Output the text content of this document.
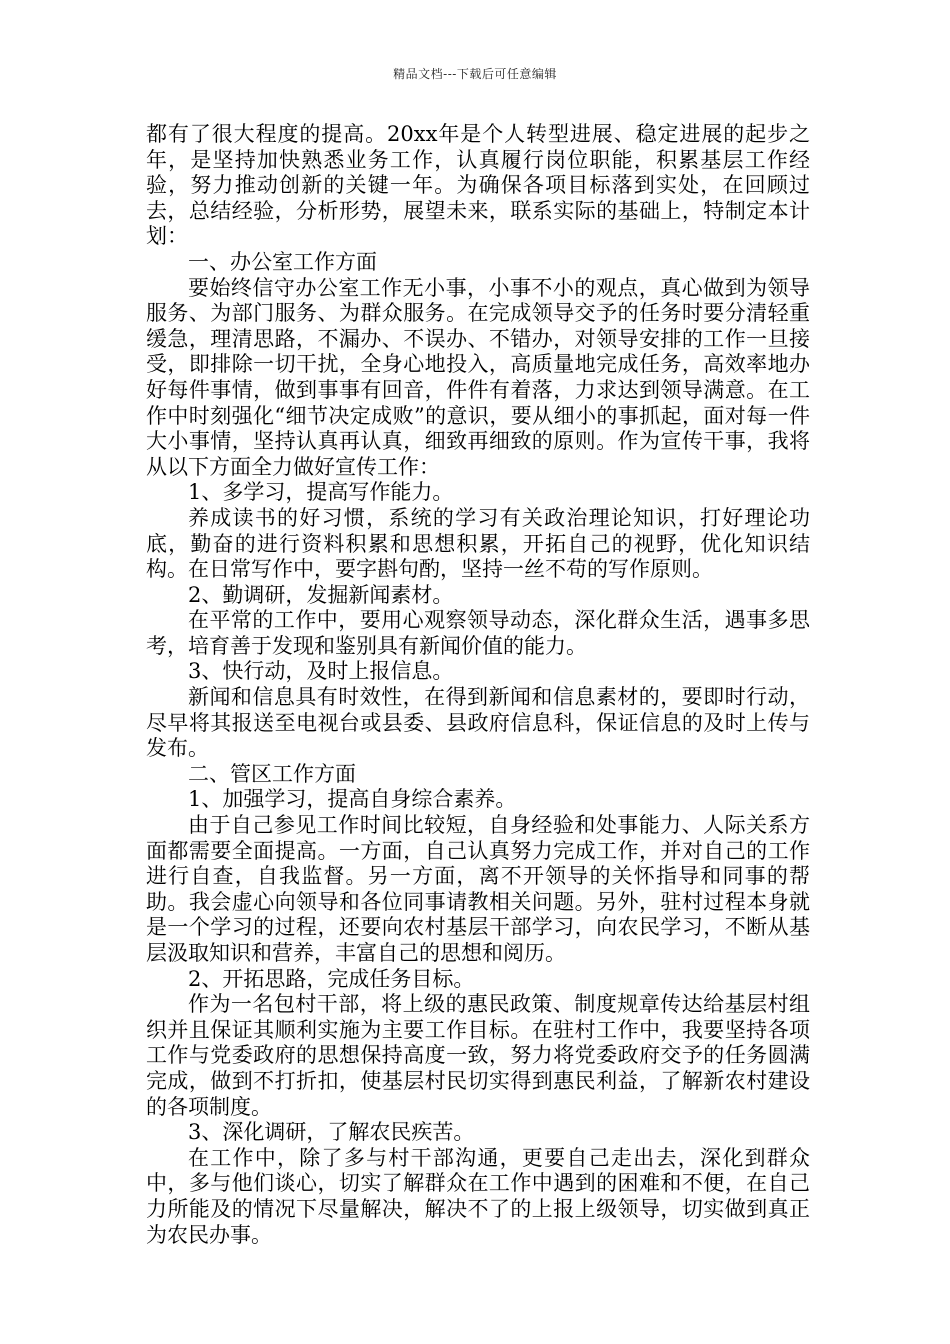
精品文档---下载后可任意编辑

都有了很大程度的提高。20xx年是个人转型进展、稳定进展的起步之年，是坚持加快熟悉业务工作，认真履行岗位职能，积累基层工作经验，努力推动创新的关键一年。为确保各项目标落到实处，在回顾过去，总结经验，分析形势，展望未来，联系实际的基础上，特制定本计划：

一、办公室工作方面

要始终信守办公室工作无小事，小事不小的观点，真心做到为领导服务、为部门服务、为群众服务。在完成领导交予的任务时要分清轻重缓急，理清思路，不漏办、不误办、不错办，对领导安排的工作一旦接受，即排除一切干扰，全身心地投入，高质量地完成任务，高效率地办好每件事情，做到事事有回音，件件有着落，力求达到领导满意。在工作中时刻强化“细节决定成败”的意识，要从细小的事抓起，面对每一件大小事情，坚持认真再认真，细致再细致的原则。作为宣传干事，我将从以下方面全力做好宣传工作：

1、多学习，提高写作能力。

养成读书的好习惯，系统的学习有关政治理论知识，打好理论功底，勤奋的进行资料积累和思想积累，开拓自己的视野，优化知识结构。在日常写作中，要字斟句酌，坚持一丝不苟的写作原则。

2、勤调研，发掘新闻素材。

在平常的工作中，要用心观察领导动态，深化群众生活，遇事多思考，培育善于发现和鉴别具有新闻价值的能力。

3、快行动，及时上报信息。

新闻和信息具有时效性，在得到新闻和信息素材的，要即时行动，尽早将其报送至电视台或县委、县政府信息科，保证信息的及时上传与发布。

二、管区工作方面

1、加强学习，提高自身综合素养。

由于自己参见工作时间比较短，自身经验和处事能力、人际关系方面都需要全面提高。一方面，自己认真努力完成工作，并对自己的工作进行自查，自我监督。另一方面，离不开领导的关怀指导和同事的帮助。我会虚心向领导和各位同事请教相关问题。另外，驻村过程本身就是一个学习的过程，还要向农村基层干部学习，向农民学习，不断从基层汲取知识和营养，丰富自己的思想和阅历。

2、开拓思路，完成任务目标。

作为一名包村干部，将上级的惠民政策、制度规章传达给基层村组织并且保证其顺利实施为主要工作目标。在驻村工作中，我要坚持各项工作与党委政府的思想保持高度一致，努力将党委政府交予的任务圆满完成，做到不打折扣，使基层村民切实得到惠民利益，了解新农村建设的各项制度。

3、深化调研，了解农民疾苦。

在工作中，除了多与村干部沟通，更要自己走出去，深化到群众中，多与他们谈心，切实了解群众在工作中遇到的困难和不便，在自己力所能及的情况下尽量解决，解决不了的上报上级领导，切实做到真正为农民办事。
